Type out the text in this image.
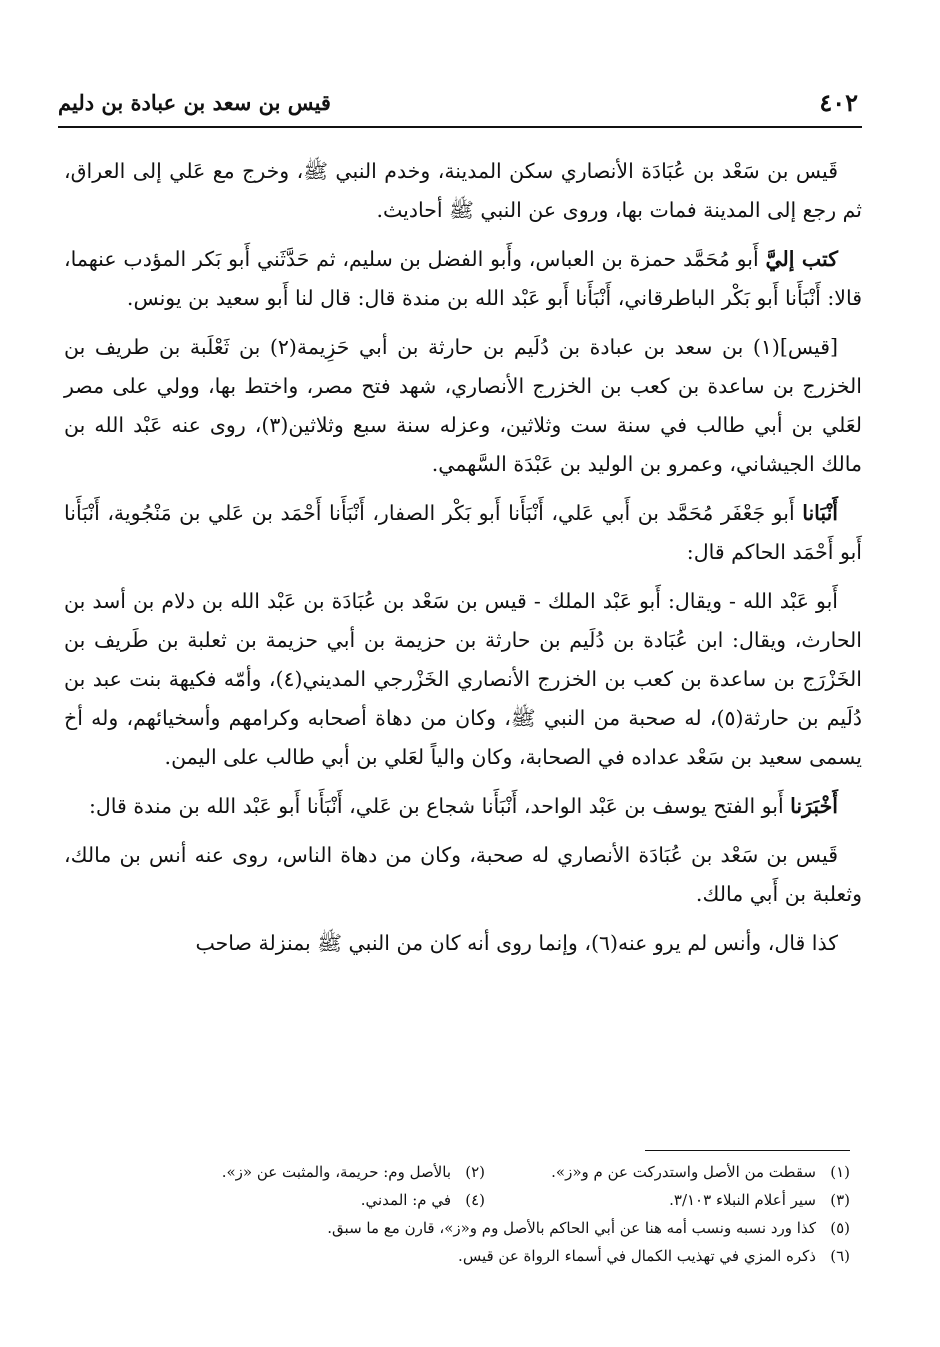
قيس بن سعد بن عبادة بن دليم	٤٠٢

قَيس بن سَعْد بن عُبَادَة الأنصاري سكن المدينة، وخدم النبي ﷺ، وخرج مع عَلي إلى العراق، ثم رجع إلى المدينة فمات بها، وروى عن النبي ﷺ أحاديث.

كتب إليَّ أَبو مُحَمَّد حمزة بن العباس، وأَبو الفضل بن سليم، ثم حَدَّثَني أَبو بَكر المؤدب عنهما، قالا: أَنْبَأَنا أَبو بَكْر الباطرقاني، أَنْبَأَنا أَبو عَبْد الله بن مندة قال: قال لنا أَبو سعيد بن يونس.

[قيس](١) بن سعد بن عبادة بن دُلَيم بن حارثة بن أبي حَزِيمة(٢) بن ثَعْلَبة بن طريف بن الخزرج بن ساعدة بن كعب بن الخزرج الأنصاري، شهد فتح مصر، واختط بها، وولي على مصر لعَلي بن أبي طالب في سنة ست وثلاثين، وعزله سنة سبع وثلاثين(٣)، روى عنه عَبْد الله بن مالك الجيشاني، وعمرو بن الوليد بن عَبْدَة السَّهمي.

أَنْبَانا أَبو جَعْفَر مُحَمَّد بن أَبي عَلي، أَنْبَأَنا أَبو بَكْر الصفار، أَنْبَأَنا أَحْمَد بن عَلي بن مَنْجُوية، أَنْبَأَنا أَبو أَحْمَد الحاكم قال:

أَبو عَبْد الله - ويقال: أَبو عَبْد الملك - قيس بن سَعْد بن عُبَادَة بن عَبْد الله بن دلام بن أسد بن الحارث، ويقال: ابن عُبَادة بن دُلَيم بن حارثة بن حزيمة بن أبي حزيمة بن ثعلبة بن طَريف بن الخَزْرَج بن ساعدة بن كعب بن الخزرج الأنصاري الخَزْرجي المديني(٤)، وأمّه فكيهة بنت عبد بن دُلَيم بن حارثة(٥)، له صحبة من النبي ﷺ، وكان من دهاة أصحابه وكرامهم وأسخيائهم، وله أخ يسمى سعيد بن سَعْد عداده في الصحابة، وكان والياً لعَلي بن أبي طالب على اليمن.

أَخْبَرَنا أَبو الفتح يوسف بن عَبْد الواحد، أَنْبَأَنا شجاع بن عَلي، أَنْبَأَنا أَبو عَبْد الله بن مندة قال:

قَيس بن سَعْد بن عُبَادَة الأنصاري له صحبة، وكان من دهاة الناس، روى عنه أنس بن مالك، وثعلبة بن أَبي مالك.

كذا قال، وأنس لم يرو عنه(٦)، وإنما روى أنه كان من النبي ﷺ بمنزلة صاحب

(١)سقطت من الأصل واستدركت عن م و«ز».
(٢)بالأصل وم: حريمة، والمثبت عن «ز».
(٣)سير أعلام النبلاء ٣/١٠٣.
(٤)في م: المدني.
(٥)كذا ورد نسبه ونسب أمه هنا عن أبي الحاكم بالأصل وم و«ز»، قارن مع ما سبق.
(٦)ذكره المزي في تهذيب الكمال في أسماء الرواة عن قيس.
